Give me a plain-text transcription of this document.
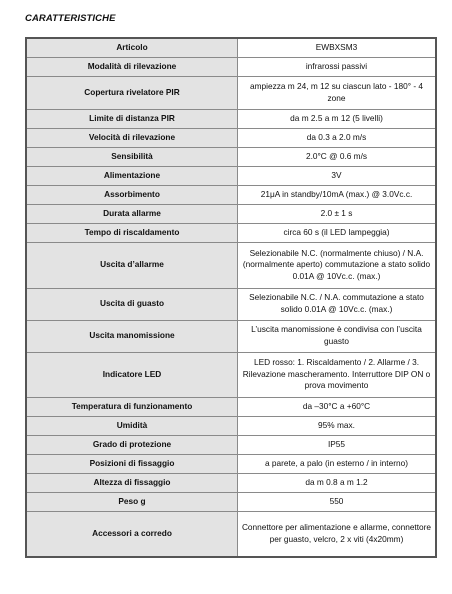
CARATTERISTICHE
Articolo	EWBXSM3
Modalità di rilevazione	infrarossi passivi
Copertura rivelatore PIR	ampiezza m 24, m 12 su ciascun lato - 180° - 4 zone
Limite di distanza PIR	da m 2.5 a m 12 (5 livelli)
Velocità di rilevazione	da 0.3 a 2.0 m/s
Sensibilità	2.0°C @ 0.6 m/s
Alimentazione	3V
Assorbimento	21μA in standby/10mA (max.) @ 3.0Vc.c.
Durata allarme	2.0 ± 1 s
Tempo di riscaldamento	circa 60 s (il LED lampeggia)
Uscita d’allarme	Selezionabile N.C. (normalmente chiuso) / N.A. (normalmente aperto) commutazione a stato solido 0.01A @ 10Vc.c. (max.)
Uscita di guasto	Selezionabile N.C. / N.A. commutazione a stato solido 0.01A @ 10Vc.c. (max.)
Uscita manomissione	L’uscita manomissione è condivisa con l’uscita guasto
Indicatore LED	LED rosso: 1. Riscaldamento / 2. Allarme / 3. Rilevazione mascheramento. Interruttore DIP ON o prova movimento
Temperatura di funzionamento	da –30°C a +60°C
Umidità	95% max.
Grado di protezione	IP55
Posizioni di fissaggio	a parete, a palo (in esterno / in interno)
Altezza di fissaggio	da m 0.8 a m 1.2
Peso g	550
Accessori a corredo	Connettore per alimentazione e allarme, connettore per guasto, velcro, 2 x viti (4x20mm)
